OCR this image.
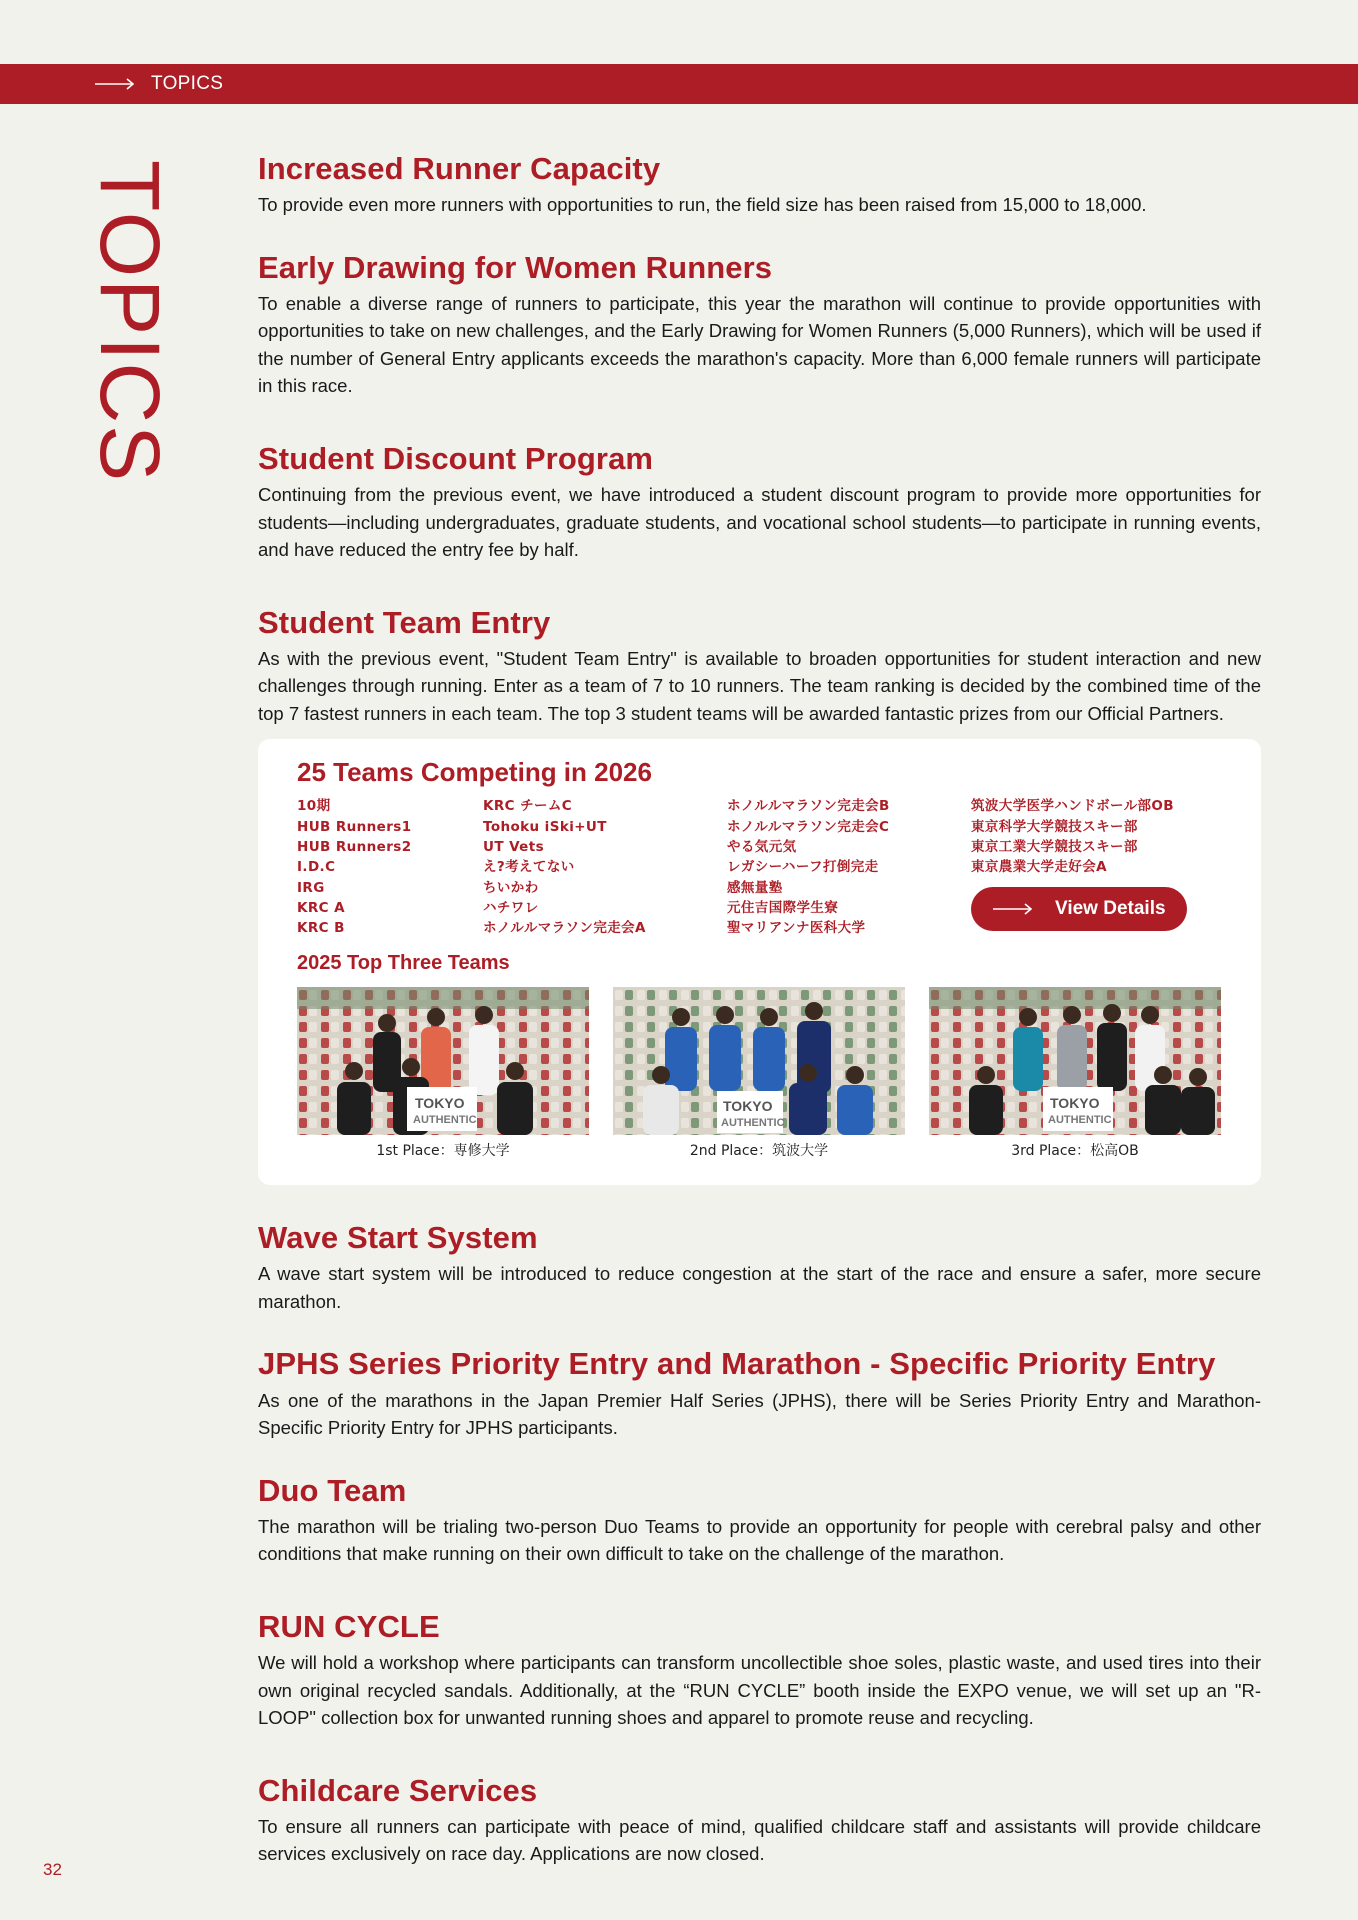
TOPICS
TOPICS	Increased Runner Capacity

To provide even more runners with opportunities to run, the field size has been raised from 15,000 to 18,000.

Early Drawing for Women Runners

To enable a diverse range of runners to participate, this year the marathon will continue to provide opportunities with opportunities to take on new challenges, and the Early Drawing for Women Runners (5,000 Runners), which will be used if the number of General Entry applicants exceeds the marathon's capacity. More than 6,000 female runners will participate in this race.

Student Discount Program

Continuing from the previous event, we have introduced a student discount program to provide more opportunities for students—including undergraduates, graduate students, and vocational school students—to participate in running events, and have reduced the entry fee by half.

Student Team Entry

As with the previous event, "Student Team Entry" is available to broaden opportunities for student interaction and new challenges through running. Enter as a team of 7 to 10 runners. The team ranking is decided by the combined time of the top 7 fastest runners in each team. The top 3 student teams will be awarded fantastic prizes from our Official Partners.

25 Teams Competing in 2026
10期
HUB Runners1
HUB Runners2
I.D.C
IRG
KRC A
KRC B
KRC チームC
Tohoku iSki+UT
UT Vets
え?考えてない
ちいかわ
ハチワレ
ホノルルマラソン完走会A
ホノルルマラソン完走会B
ホノルルマラソン完走会C
やる気元気
レガシーハーフ打倒完走
感無量塾
元住吉国際学生寮
聖マリアンナ医科大学
筑波大学医学ハンドボール部OB
東京科学大学競技スキー部
東京工業大学競技スキー部
東京農業大学走好会A
View Details
2025 Top Three Teams
TOKYO
AUTHENTIC
1st Place：専修大学
TOKYO
AUTHENTIC
2nd Place：筑波大学
TOKYO
AUTHENTIC
3rd Place：松高OB
Wave Start System

A wave start system will be introduced to reduce congestion at the start of the race and ensure a safer, more secure marathon.

JPHS Series Priority Entry and Marathon - Specific Priority Entry

As one of the marathons in the Japan Premier Half Series (JPHS), there will be Series Priority Entry and Marathon-Specific Priority Entry for JPHS participants.

Duo Team

The marathon will be trialing two-person Duo Teams to provide an opportunity for people with cerebral palsy and other conditions that make running on their own difficult to take on the challenge of the marathon.

RUN CYCLE

We will hold a workshop where participants can transform uncollectible shoe soles, plastic waste, and used tires into their own original recycled sandals. Additionally, at the “RUN CYCLE” booth inside the EXPO venue, we will set up an "R-LOOP" collection box for unwanted running shoes and apparel to promote reuse and recycling.

Childcare Services

To ensure all runners can participate with peace of mind, qualified childcare staff and assistants will provide childcare services exclusively on race day. Applications are now closed.

32
